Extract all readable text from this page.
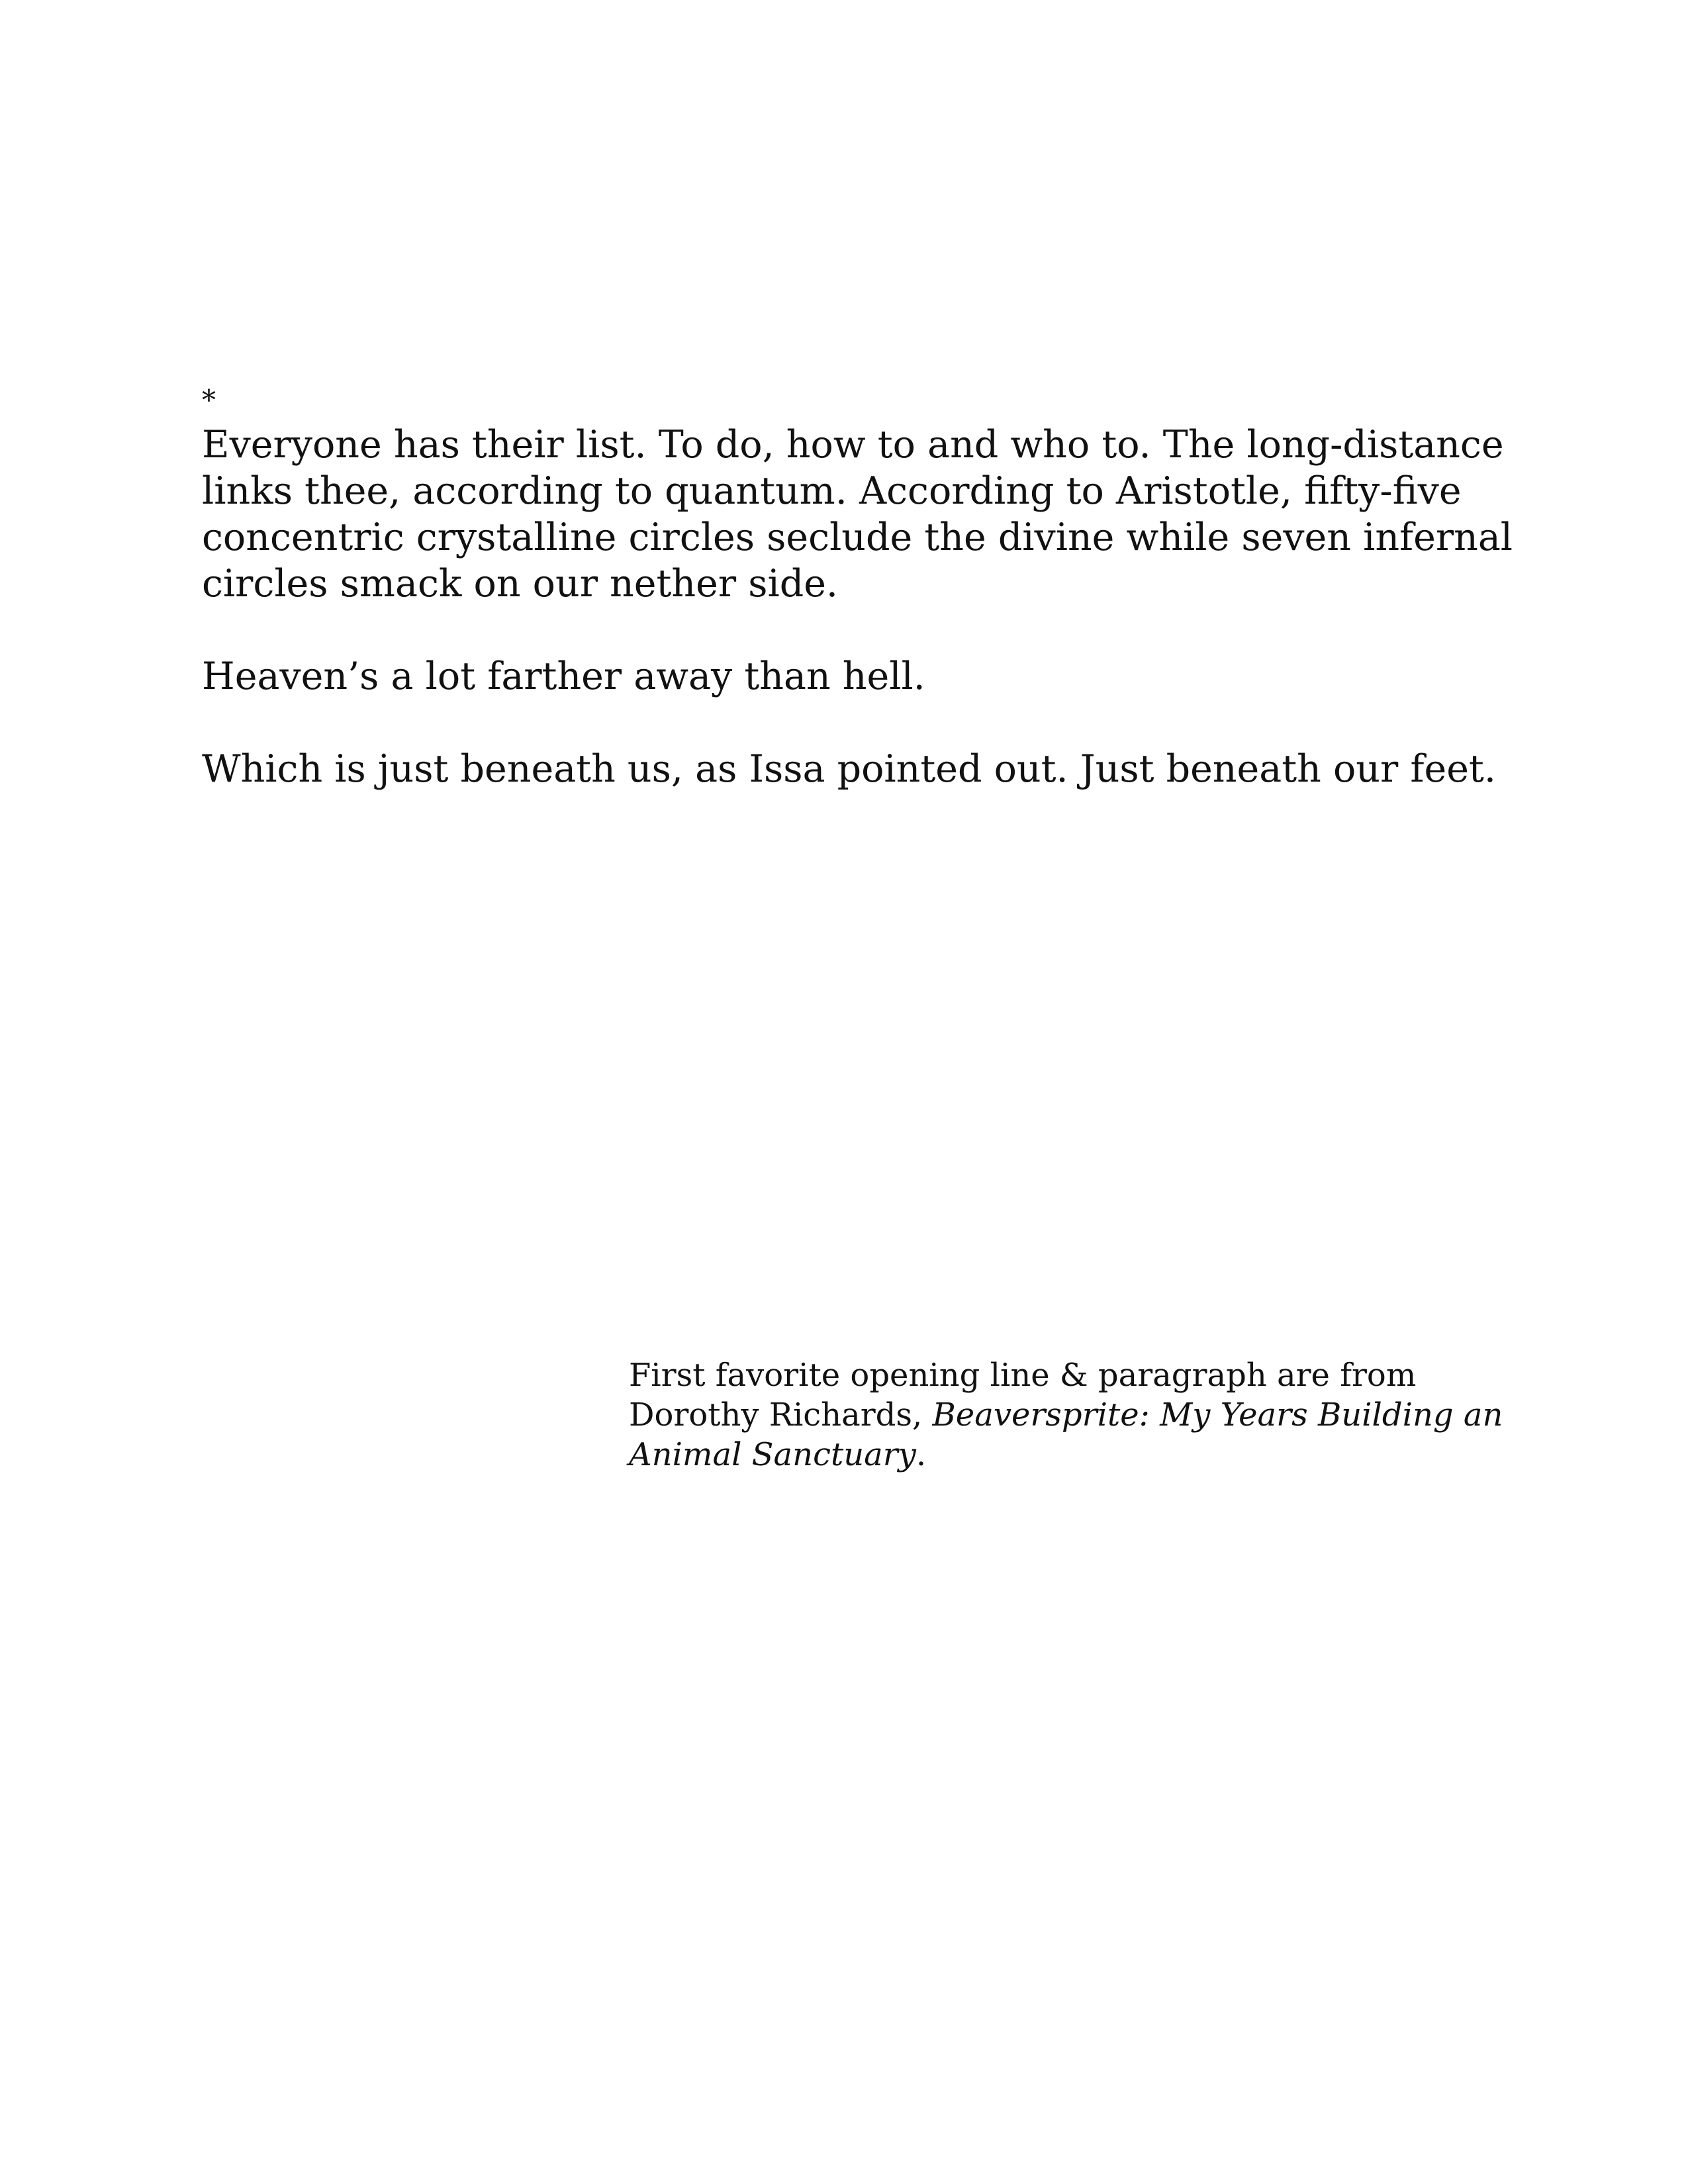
*

Everyone has their list. To do, how to and who to. The long-distance links thee, according to quantum. According to Aristotle, fifty-five concentric crystalline circles seclude the divine while seven infernal circles smack on our nether side.

Heaven’s a lot farther away than hell.

Which is just beneath us, as Issa pointed out. Just beneath our feet.

First favorite opening line & paragraph are from

Dorothy Richards, Beaversprite: My Years Building an

Animal Sanctuary.
